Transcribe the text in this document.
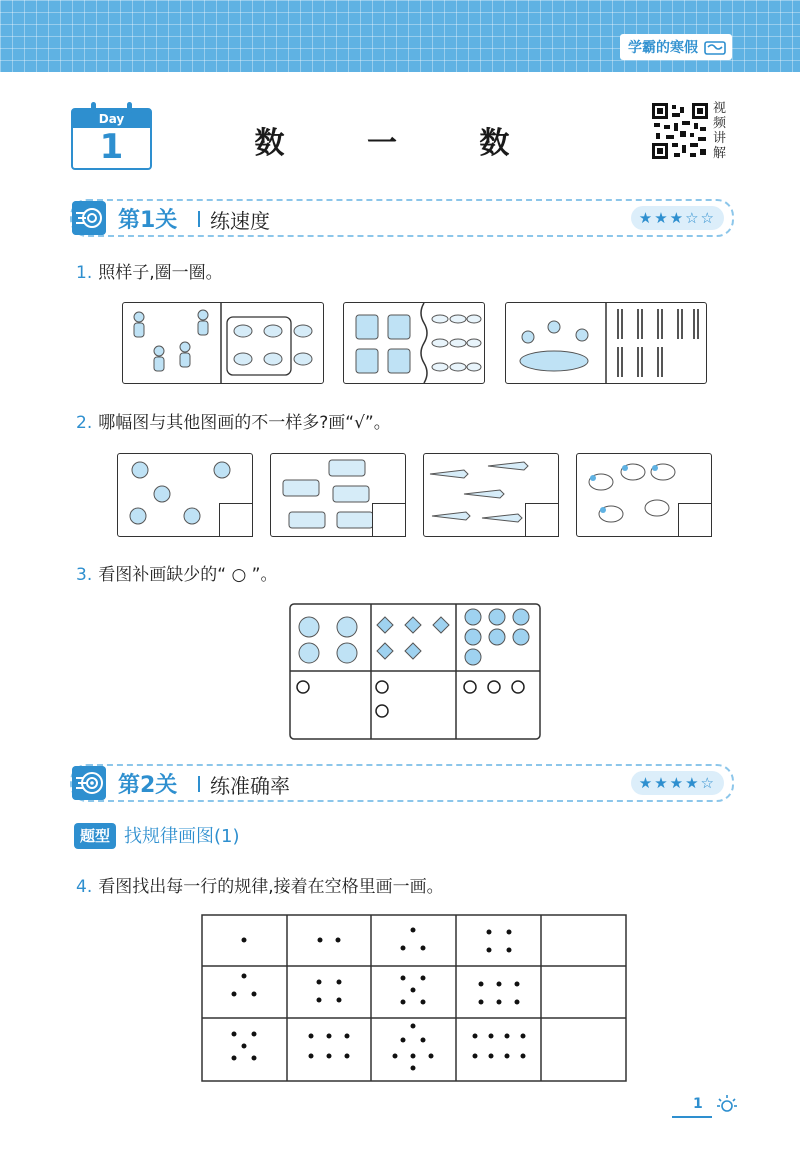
学霸的寒假
Day
1	数 一 数
视频讲解
第1关 练速度	★★★☆☆
1. 照样子,圈一圈。
2. 哪幅图与其他图画的不一样多?画“√”。
3. 看图补画缺少的“ ○ ”。
第2关 练准确率	★★★★☆
题型 找规律画图(1)
4. 看图找出每一行的规律,接着在空格里画一画。
1
